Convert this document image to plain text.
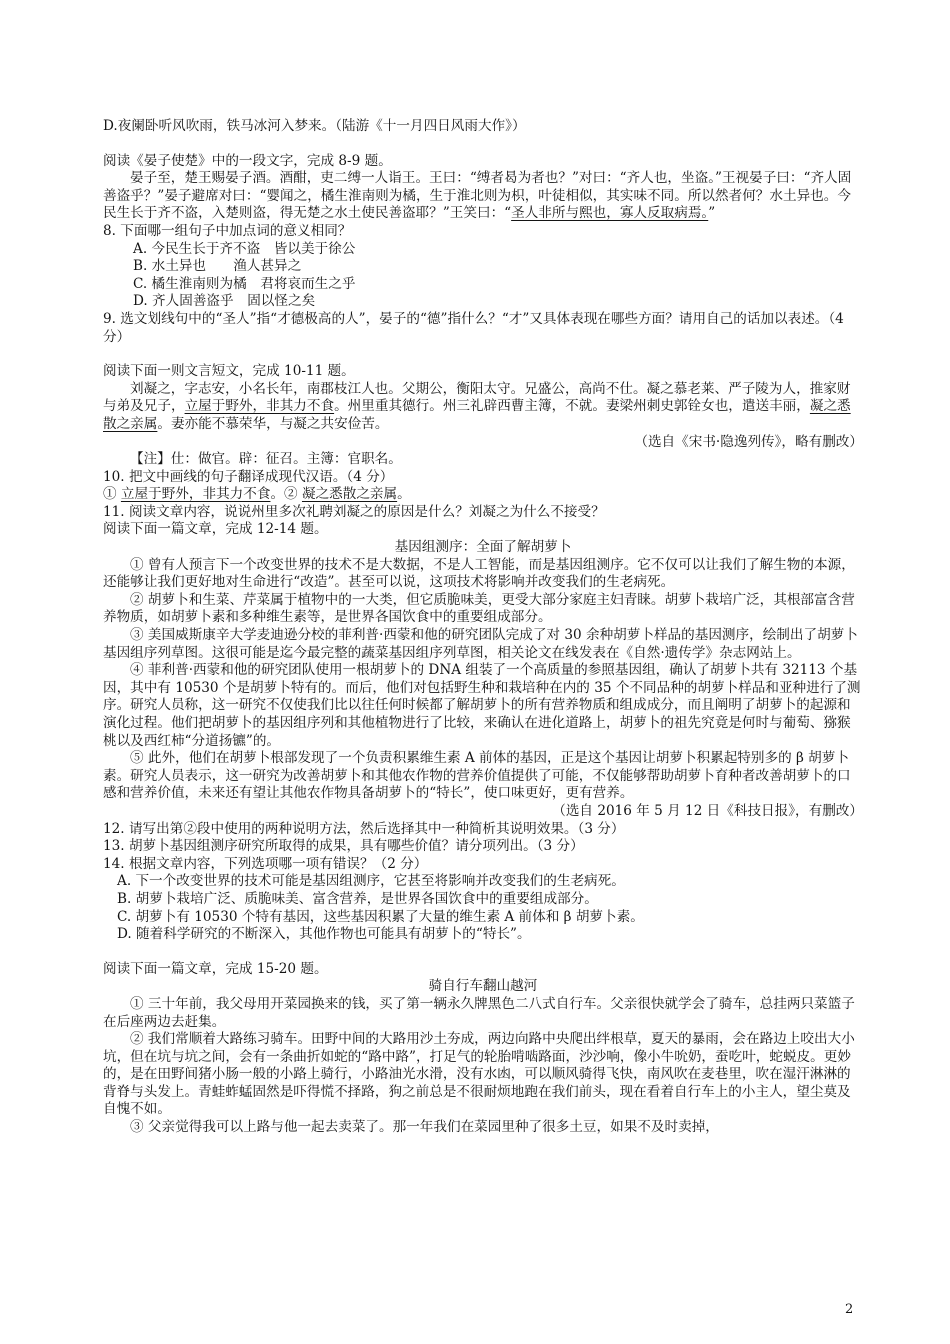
D.夜阑卧听风吹雨，铁马冰河入梦来。（陆游《十一月四日风雨大作》）

阅读《晏子使楚》中的一段文字，完成 8-9 题。

晏子至，楚王赐晏子酒。酒酣，吏二缚一人诣王。王曰：“缚者曷为者也？”对曰：“齐人也，坐盗。”王视晏子曰：“齐人固善盗乎？”晏子避席对曰：“婴闻之，橘生淮南则为橘，生于淮北则为枳，叶徒相似，其实味不同。所以然者何？水土异也。今民生长于齐不盗，入楚则盗，得无楚之水土使民善盗耶？”王笑曰：“圣人非所与熙也，寡人反取病焉。”

8. 下面哪一组句子中加点词的意义相同？

A. 今民生长于齐不盗　皆以美于徐公

B. 水土异也　　渔人甚异之

C. 橘生淮南则为橘　君将哀而生之乎

D. 齐人固善盗乎　固以怪之矣

9. 选文划线句中的“圣人”指“才德极高的人”，晏子的“德”指什么？“才”又具体表现在哪些方面？请用自己的话加以表述。（4 分）

阅读下面一则文言短文，完成 10-11 题。

刘凝之，字志安，小名长年，南郡枝江人也。父期公，衡阳太守。兄盛公，高尚不仕。凝之慕老莱、严子陵为人，推家财与弟及兄子，立屋于野外，非其力不食。州里重其德行。州三礼辟西曹主簿，不就。妻梁州刺史郭铨女也，遣送丰丽，凝之悉散之亲属。妻亦能不慕荣华，与凝之共安俭苦。

（选自《宋书·隐逸列传》，略有删改）

【注】仕：做官。辟：征召。主簿：官职名。

10. 把文中画线的句子翻译成现代汉语。（4 分）

① 立屋于野外，非其力不食。② 凝之悉散之亲属。

11. 阅读文章内容，说说州里多次礼聘刘凝之的原因是什么？刘凝之为什么不接受？

阅读下面一篇文章，完成 12-14 题。

基因组测序：全面了解胡萝卜

① 曾有人预言下一个改变世界的技术不是大数据，不是人工智能，而是基因组测序。它不仅可以让我们了解生物的本源，还能够让我们更好地对生命进行“改造”。甚至可以说，这项技术将影响并改变我们的生老病死。

② 胡萝卜和生菜、芹菜属于植物中的一大类，但它质脆味美，更受大部分家庭主妇青睐。胡萝卜栽培广泛，其根部富含营养物质，如胡萝卜素和多种维生素等，是世界各国饮食中的重要组成部分。

③ 美国威斯康辛大学麦迪逊分校的菲利普·西蒙和他的研究团队完成了对 30 余种胡萝卜样品的基因测序，绘制出了胡萝卜基因组序列草图。这很可能是迄今最完整的蔬菜基因组序列草图，相关论文在线发表在《自然·遗传学》杂志网站上。

④ 菲利普·西蒙和他的研究团队使用一根胡萝卜的 DNA 组装了一个高质量的参照基因组，确认了胡萝卜共有 32113 个基因，其中有 10530 个是胡萝卜特有的。而后，他们对包括野生种和栽培种在内的 35 个不同品种的胡萝卜样品和亚种进行了测序。研究人员称，这一研究不仅使我们比以往任何时候都了解胡萝卜的所有营养物质和组成成分，而且阐明了胡萝卜的起源和演化过程。他们把胡萝卜的基因组序列和其他植物进行了比较，来确认在进化道路上，胡萝卜的祖先究竟是何时与葡萄、猕猴桃以及西红柿“分道扬镳”的。

⑤ 此外，他们在胡萝卜根部发现了一个负责积累维生素 A 前体的基因，正是这个基因让胡萝卜积累起特别多的 β 胡萝卜素。研究人员表示，这一研究为改善胡萝卜和其他农作物的营养价值提供了可能，不仅能够帮助胡萝卜育种者改善胡萝卜的口感和营养价值，未来还有望让其他农作物具备胡萝卜的“特长”，使口味更好，更有营养。

（选自 2016 年 5 月 12 日《科技日报》，有删改）

12. 请写出第②段中使用的两种说明方法，然后选择其中一种简析其说明效果。（3 分）

13. 胡萝卜基因组测序研究所取得的成果，具有哪些价值？请分项列出。（3 分）

14. 根据文章内容，下列选项哪一项有错误？（2 分）

A. 下一个改变世界的技术可能是基因组测序，它甚至将影响并改变我们的生老病死。

B. 胡萝卜栽培广泛、质脆味美、富含营养，是世界各国饮食中的重要组成部分。

C. 胡萝卜有 10530 个特有基因，这些基因积累了大量的维生素 A 前体和 β 胡萝卜素。

D. 随着科学研究的不断深入，其他作物也可能具有胡萝卜的“特长”。

阅读下面一篇文章，完成 15-20 题。

骑自行车翻山越河

① 三十年前，我父母用开菜园换来的钱，买了第一辆永久牌黑色二八式自行车。父亲很快就学会了骑车，总挂两只菜篮子在后座两边去赶集。

② 我们常顺着大路练习骑车。田野中间的大路用沙土夯成，两边向路中央爬出绊根草，夏天的暴雨，会在路边上咬出大小坑，但在坑与坑之间，会有一条曲折如蛇的“路中路”，打足气的轮胎啃啮路面，沙沙响，像小牛吮奶，蚕吃叶，蛇蜕皮。更妙的，是在田野间猪小肠一般的小路上骑行，小路油光水滑，没有水凼，可以顺风骑得飞快，南风吹在麦巷里，吹在湿汗淋淋的背脊与头发上。青蛙蚱蜢固然是吓得慌不择路，狗之前总是不很耐烦地跑在我们前头，现在看着自行车上的小主人，望尘莫及自愧不如。

③ 父亲觉得我可以上路与他一起去卖菜了。那一年我们在菜园里种了很多土豆，如果不及时卖掉，

2
